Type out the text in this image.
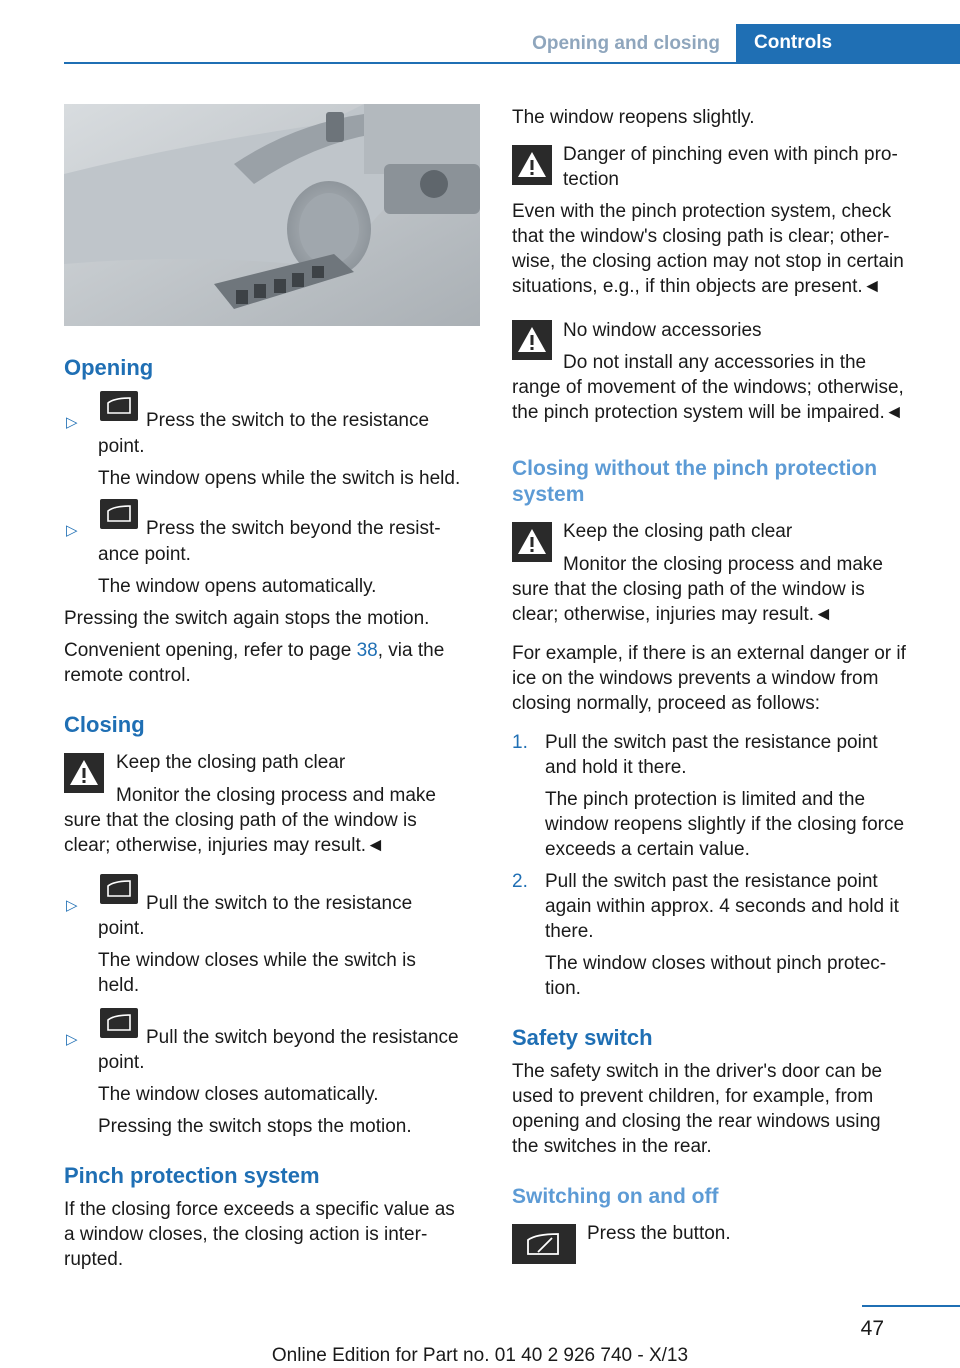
Opening and closing	Controls
Opening
▷	Press the switch to the resistance
point.
The window opens while the switch is held.
▷	Press the switch beyond the resist‐
ance point.
The window opens automatically.
Pressing the switch again stops the motion.
Convenient opening, refer to page 38, via the
remote control.
Closing
Keep the closing path clear
Monitor the closing process and make
sure that the closing path of the window is
clear; otherwise, injuries may result.◄
▷	Pull the switch to the resistance
point.
The window closes while the switch is
held.
▷	Pull the switch beyond the resistance
point.
The window closes automatically.
Pressing the switch stops the motion.
Pinch protection system
If the closing force exceeds a specific value as
a window closes, the closing action is inter‐
rupted.
The window reopens slightly.
Danger of pinching even with pinch pro‐
tection
Even with the pinch protection system, check
that the window's closing path is clear; other‐
wise, the closing action may not stop in certain
situations, e.g., if thin objects are present.◄
No window accessories
Do not install any accessories in the
range of movement of the windows; otherwise,
the pinch protection system will be impaired.◄
Closing without the pinch protection
system
Keep the closing path clear
Monitor the closing process and make
sure that the closing path of the window is
clear; otherwise, injuries may result.◄
For example, if there is an external danger or if
ice on the windows prevents a window from
closing normally, proceed as follows:
1. Pull the switch past the resistance point
and hold it there.
The pinch protection is limited and the
window reopens slightly if the closing force
exceeds a certain value.
2. Pull the switch past the resistance point
again within approx. 4 seconds and hold it
there.
The window closes without pinch protec‐
tion.
Safety switch
The safety switch in the driver's door can be
used to prevent children, for example, from
opening and closing the rear windows using
the switches in the rear.
Switching on and off
Press the button.
47
Online Edition for Part no. 01 40 2 926 740 - X/13
